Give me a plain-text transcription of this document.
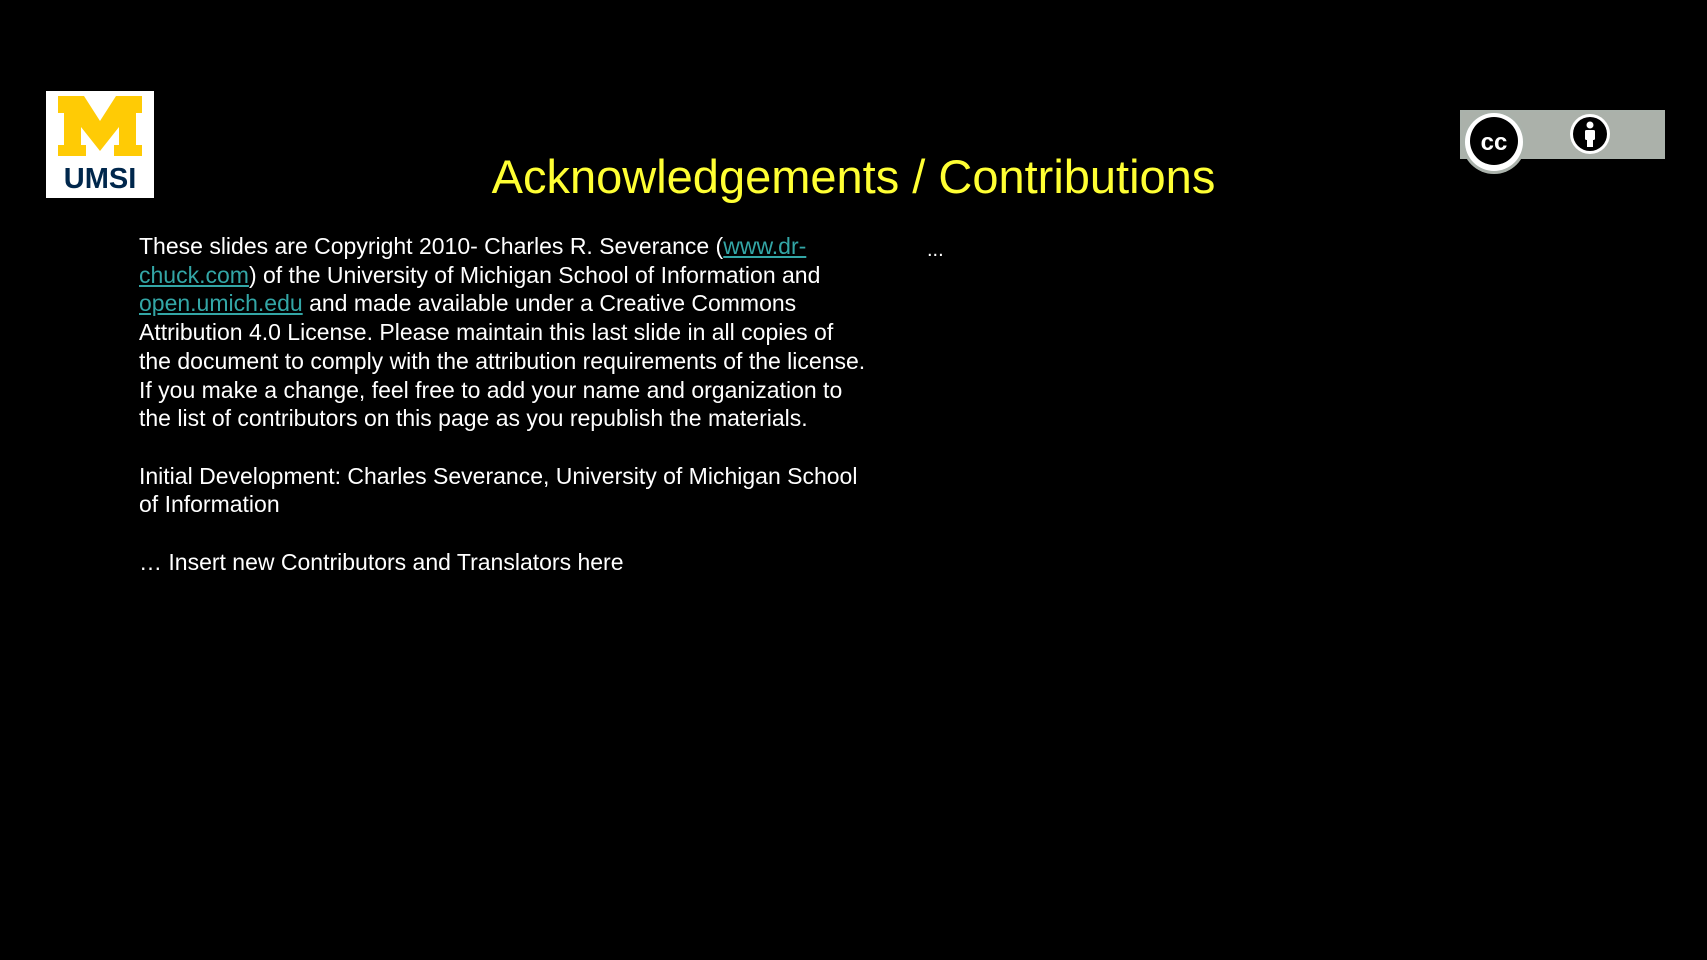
UMSI
cc
BY
Acknowledgements / Contributions

These slides are Copyright 2010- Charles R. Severance (www.dr-chuck.com) of the University of Michigan School of Information and open.umich.edu and made available under a Creative Commons Attribution 4.0 License. Please maintain this last slide in all copies of the document to comply with the attribution requirements of the license. If you make a change, feel free to add your name and organization to the list of contributors on this page as you republish the materials.

Initial Development: Charles Severance, University of Michigan School of Information

… Insert new Contributors and Translators here

...
